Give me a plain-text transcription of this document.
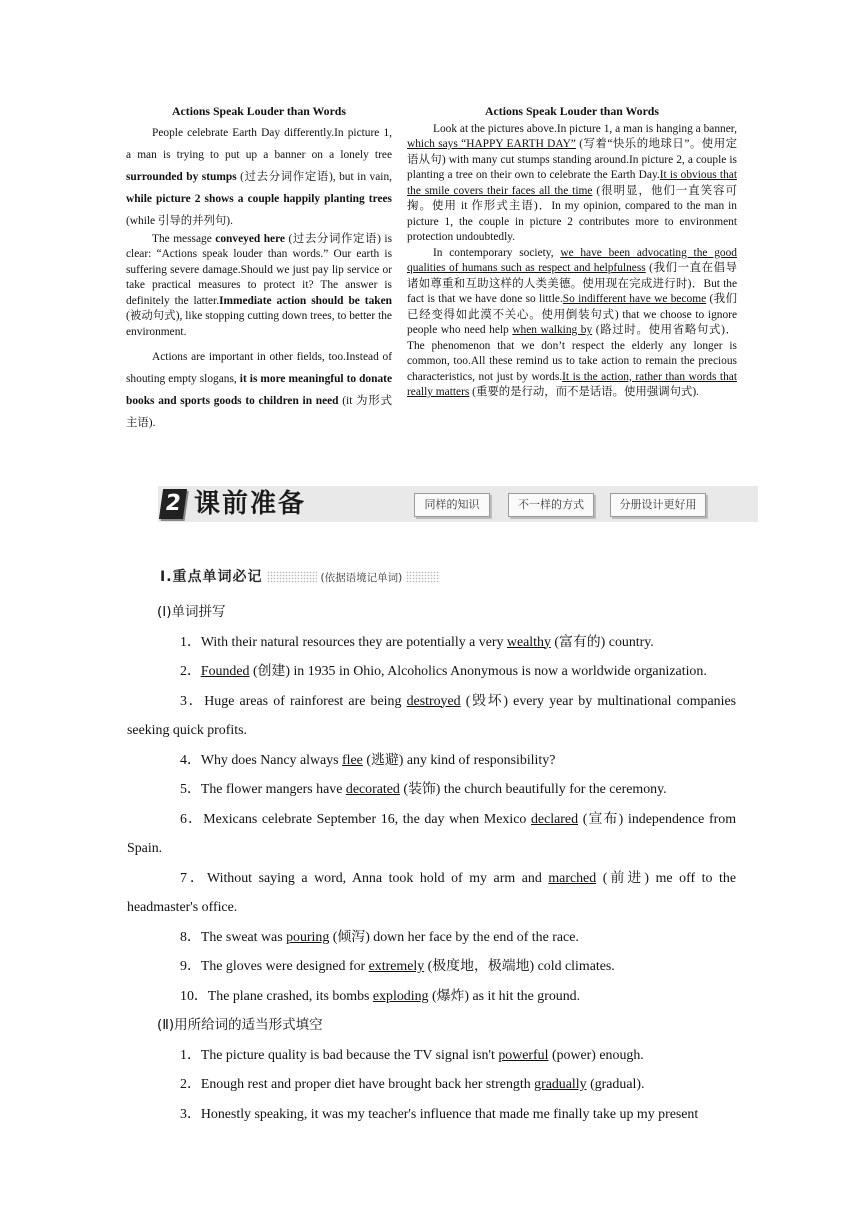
Actions Speak Louder than Words

People celebrate Earth Day differently.In picture 1, a man is trying to put up a banner on a lonely tree surrounded by stumps (过去分词作定语), but in vain, while picture 2 shows a couple happily planting trees (while 引导的并列句).

The message conveyed here (过去分词作定语) is clear: “Actions speak louder than words.” Our earth is suffering severe damage.Should we just pay lip service or take practical measures to protect it? The answer is definitely the latter.Immediate action should be taken (被动句式), like stopping cutting down trees, to better the environment.

Actions are important in other fields, too.Instead of shouting empty slogans, it is more meaningful to donate books and sports goods to children in need (it 为形式主语).

Actions Speak Louder than Words

Look at the pictures above.In picture 1, a man is hanging a banner, which says “HAPPY EARTH DAY” (写着“快乐的地球日”。使用定语从句) with many cut stumps standing around.In picture 2, a couple is planting a tree on their own to celebrate the Earth Day.It is obvious that the smile covers their faces all the time (很明显，他们一直笑容可掬。使用 it 作形式主语)．In my opinion, compared to the man in picture 1, the couple in picture 2 contributes more to environment protection undoubtedly.

In contemporary society, we have been advocating the good qualities of humans such as respect and helpfulness (我们一直在倡导诸如尊重和互助这样的人类美德。使用现在完成进行时)．But the fact is that we have done so little.So indifferent have we become (我们已经变得如此漠不关心。使用倒装句式) that we choose to ignore people who need help when walking by (路过时。使用省略句式)．The phenomenon that we don’t respect the elderly any longer is common, too.All these remind us to take action to remain the precious characteristics, not just by words.It is the action, rather than words that really matters (重要的是行动，而不是话语。使用强调句式).

2 课前准备	同样的知识	不一样的方式	分册设计更好用
Ⅰ.重点单词必记	(依据语境记单词)

(Ⅰ)单词拼写

1．With their natural resources they are potentially a very wealthy (富有的) country.

2．Founded (创建) in 1935 in Ohio, Alcoholics Anonymous is now a worldwide organization.

3．Huge areas of rainforest are being destroyed (毁坏) every year by multinational companies seeking quick profits.

4．Why does Nancy always flee (逃避) any kind of responsibility?

5．The flower mangers have decorated (装饰) the church beautifully for the ceremony.

6．Mexicans celebrate September 16, the day when Mexico declared (宣布) independence from Spain.

7．Without saying a word, Anna took hold of my arm and marched (前进) me off to the headmaster's office.

8．The sweat was pouring (倾泻) down her face by the end of the race.

9．The gloves were designed for extremely (极度地，极端地) cold climates.

10．The plane crashed, its bombs exploding (爆炸) as it hit the ground.

(Ⅱ)用所给词的适当形式填空

1．The picture quality is bad because the TV signal isn't powerful (power) enough.

2．Enough rest and proper diet have brought back her strength gradually (gradual).

3．Honestly speaking, it was my teacher's influence that made me finally take up my present
